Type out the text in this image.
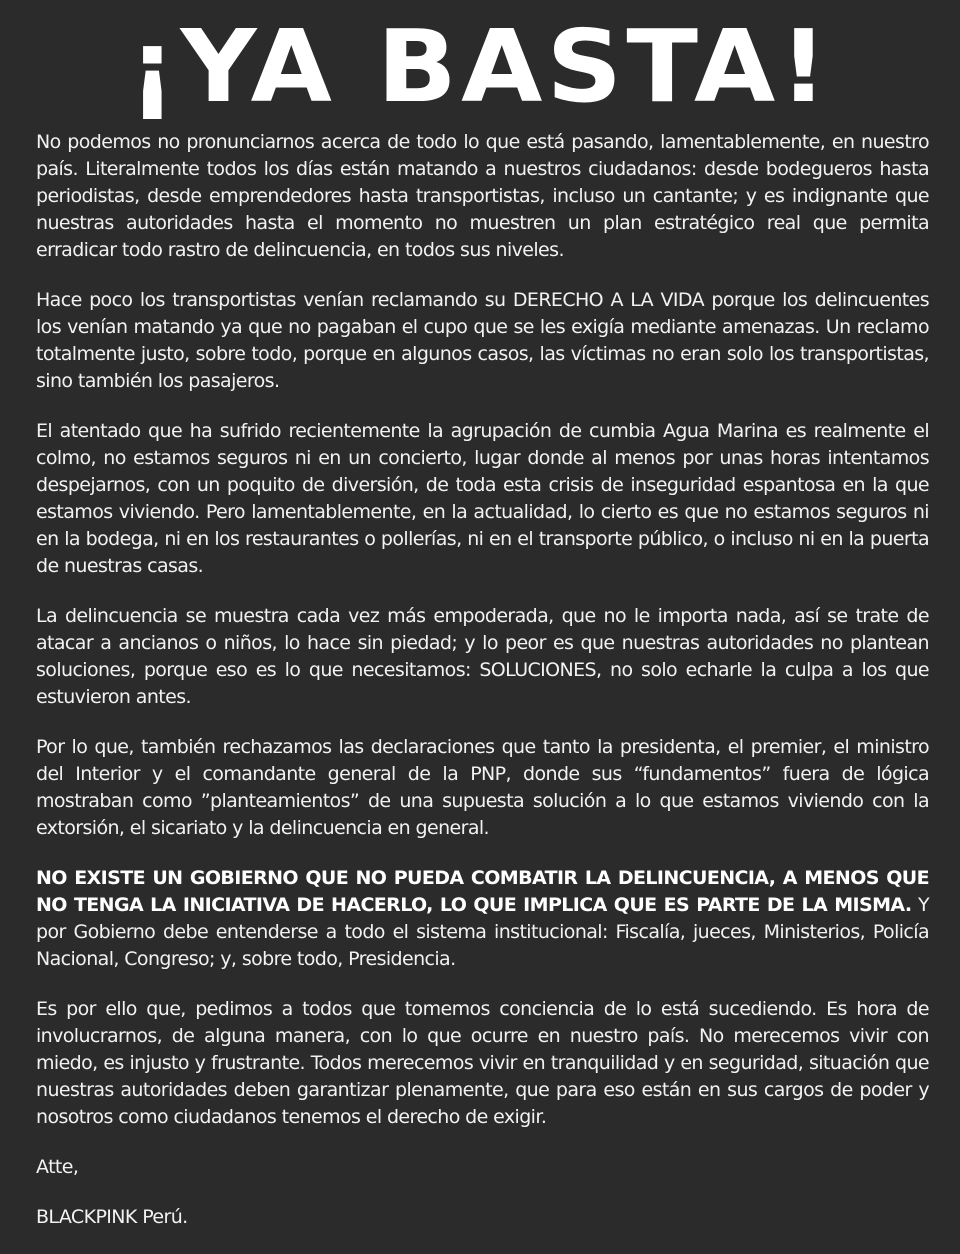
¡YA BASTA!

No podemos no pronunciarnos acerca de todo lo que está pasando, lamentablemente, en nuestro país. Literalmente todos los días están matando a nuestros ciudadanos: desde bodegueros hasta periodistas, desde emprendedores hasta transportistas, incluso un cantante; y es indignante que nuestras autoridades hasta el momento no muestren un plan estratégico real que permita erradicar todo rastro de delincuencia, en todos sus niveles.

Hace poco los transportistas venían reclamando su DERECHO A LA VIDA porque los delincuentes los venían matando ya que no pagaban el cupo que se les exigía mediante amenazas. Un reclamo totalmente justo, sobre todo, porque en algunos casos, las víctimas no eran solo los transportistas, sino también los pasajeros.

El atentado que ha sufrido recientemente la agrupación de cumbia Agua Marina es realmente el colmo, no estamos seguros ni en un concierto, lugar donde al menos por unas horas intentamos despejarnos, con un poquito de diversión, de toda esta crisis de inseguridad espantosa en la que estamos viviendo. Pero lamentablemente, en la actualidad, lo cierto es que no estamos seguros ni en la bodega, ni en los restaurantes o pollerías, ni en el transporte público, o incluso ni en la puerta de nuestras casas.

La delincuencia se muestra cada vez más empoderada, que no le importa nada, así se trate de atacar a ancianos o niños, lo hace sin piedad; y lo peor es que nuestras autoridades no plantean soluciones, porque eso es lo que necesitamos: SOLUCIONES, no solo echarle la culpa a los que estuvieron antes.

Por lo que, también rechazamos las declaraciones que tanto la presidenta, el premier, el ministro del Interior y el comandante general de la PNP, donde sus “fundamentos” fuera de lógica mostraban como ”planteamientos” de una supuesta solución a lo que estamos viviendo con la extorsión, el sicariato y la delincuencia en general.

NO EXISTE UN GOBIERNO QUE NO PUEDA COMBATIR LA DELINCUENCIA, A MENOS QUE NO TENGA LA INICIATIVA DE HACERLO, LO QUE IMPLICA QUE ES PARTE DE LA MISMA. Y por Gobierno debe entenderse a todo el sistema institucional: Fiscalía, jueces, Ministerios, Policía Nacional, Congreso; y, sobre todo, Presidencia.

Es por ello que, pedimos a todos que tomemos conciencia de lo está sucediendo. Es hora de involucrarnos, de alguna manera, con lo que ocurre en nuestro país. No merecemos vivir con miedo, es injusto y frustrante. Todos merecemos vivir en tranquilidad y en seguridad, situación que nuestras autoridades deben garantizar plenamente, que para eso están en sus cargos de poder y nosotros como ciudadanos tenemos el derecho de exigir.

Atte,

BLACKPINK Perú.
